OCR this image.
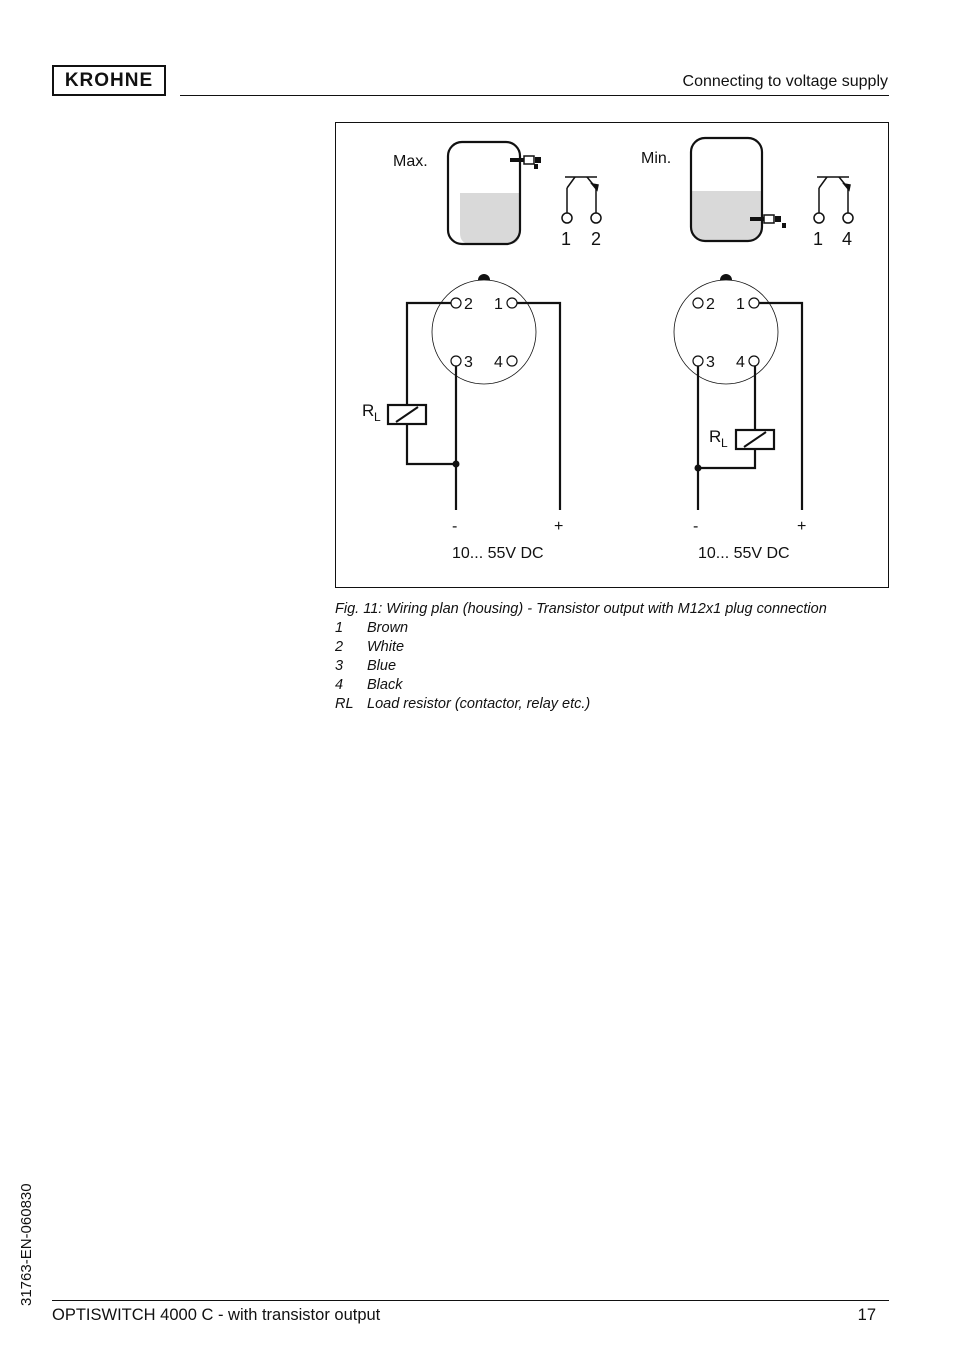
KROHNE	Connecting to voltage supply
Max.
1 2
2 1
3 4
R L
-	+
10... 55V DC
Min.
1 4
2 1
3 4
R L
-	+
10... 55V DC
Fig. 11: Wiring plan (housing) - Transistor output with M12x1 plug connection
1	Brown
2	White
3	Blue
4	Black
RL Load resistor (contactor, relay etc.)
31763-EN-060830
OPTISWITCH 4000 C - with transistor output	17
